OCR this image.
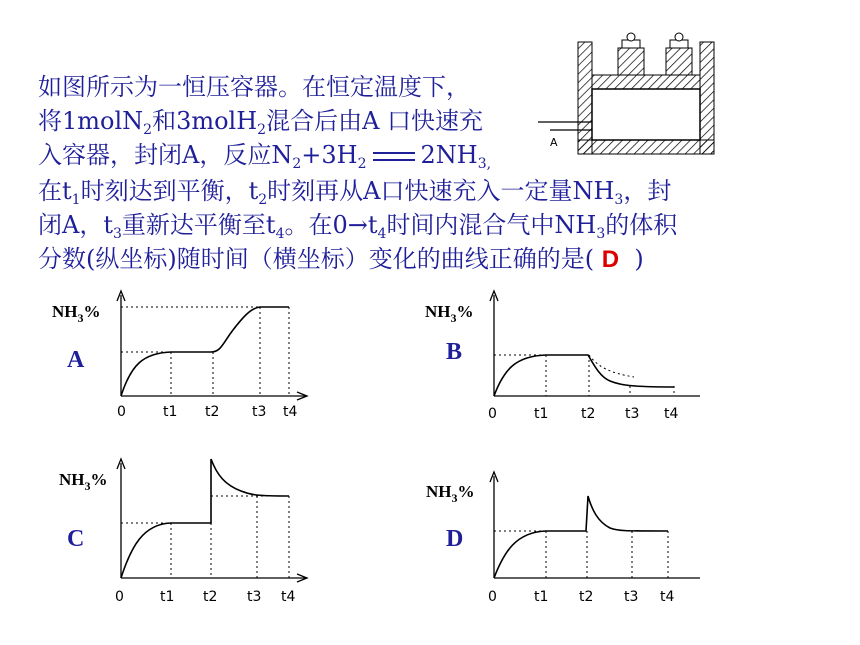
如图所示为一恒压容器。在恒定温度下，
将1molN$_2$和3molH$_2$混合后由A 口快速充
入容器，封闭A，反应$N_2+3H_2$ $2NH_{3,}$
在$t_1$时刻达到平衡，$t_2$时刻再从A口快速充入一定量$NH_3$，封
闭A，$t_3$重新达平衡至$t_4$。在$0\to t_4$时间内混合气中$NH_3$的体积
分数(纵坐标)随时间（横坐标）变化的曲线正确的是( D )
A
$NH_3\%$
A
0	t1 t2 t3 t4
$NH_3\%$
B
0	t1 t2 t3 t4
$NH_3\%$
C
0	t1 t2 t3 t4
$NH_3\%$
D
0	t1 t2 t3 t4
